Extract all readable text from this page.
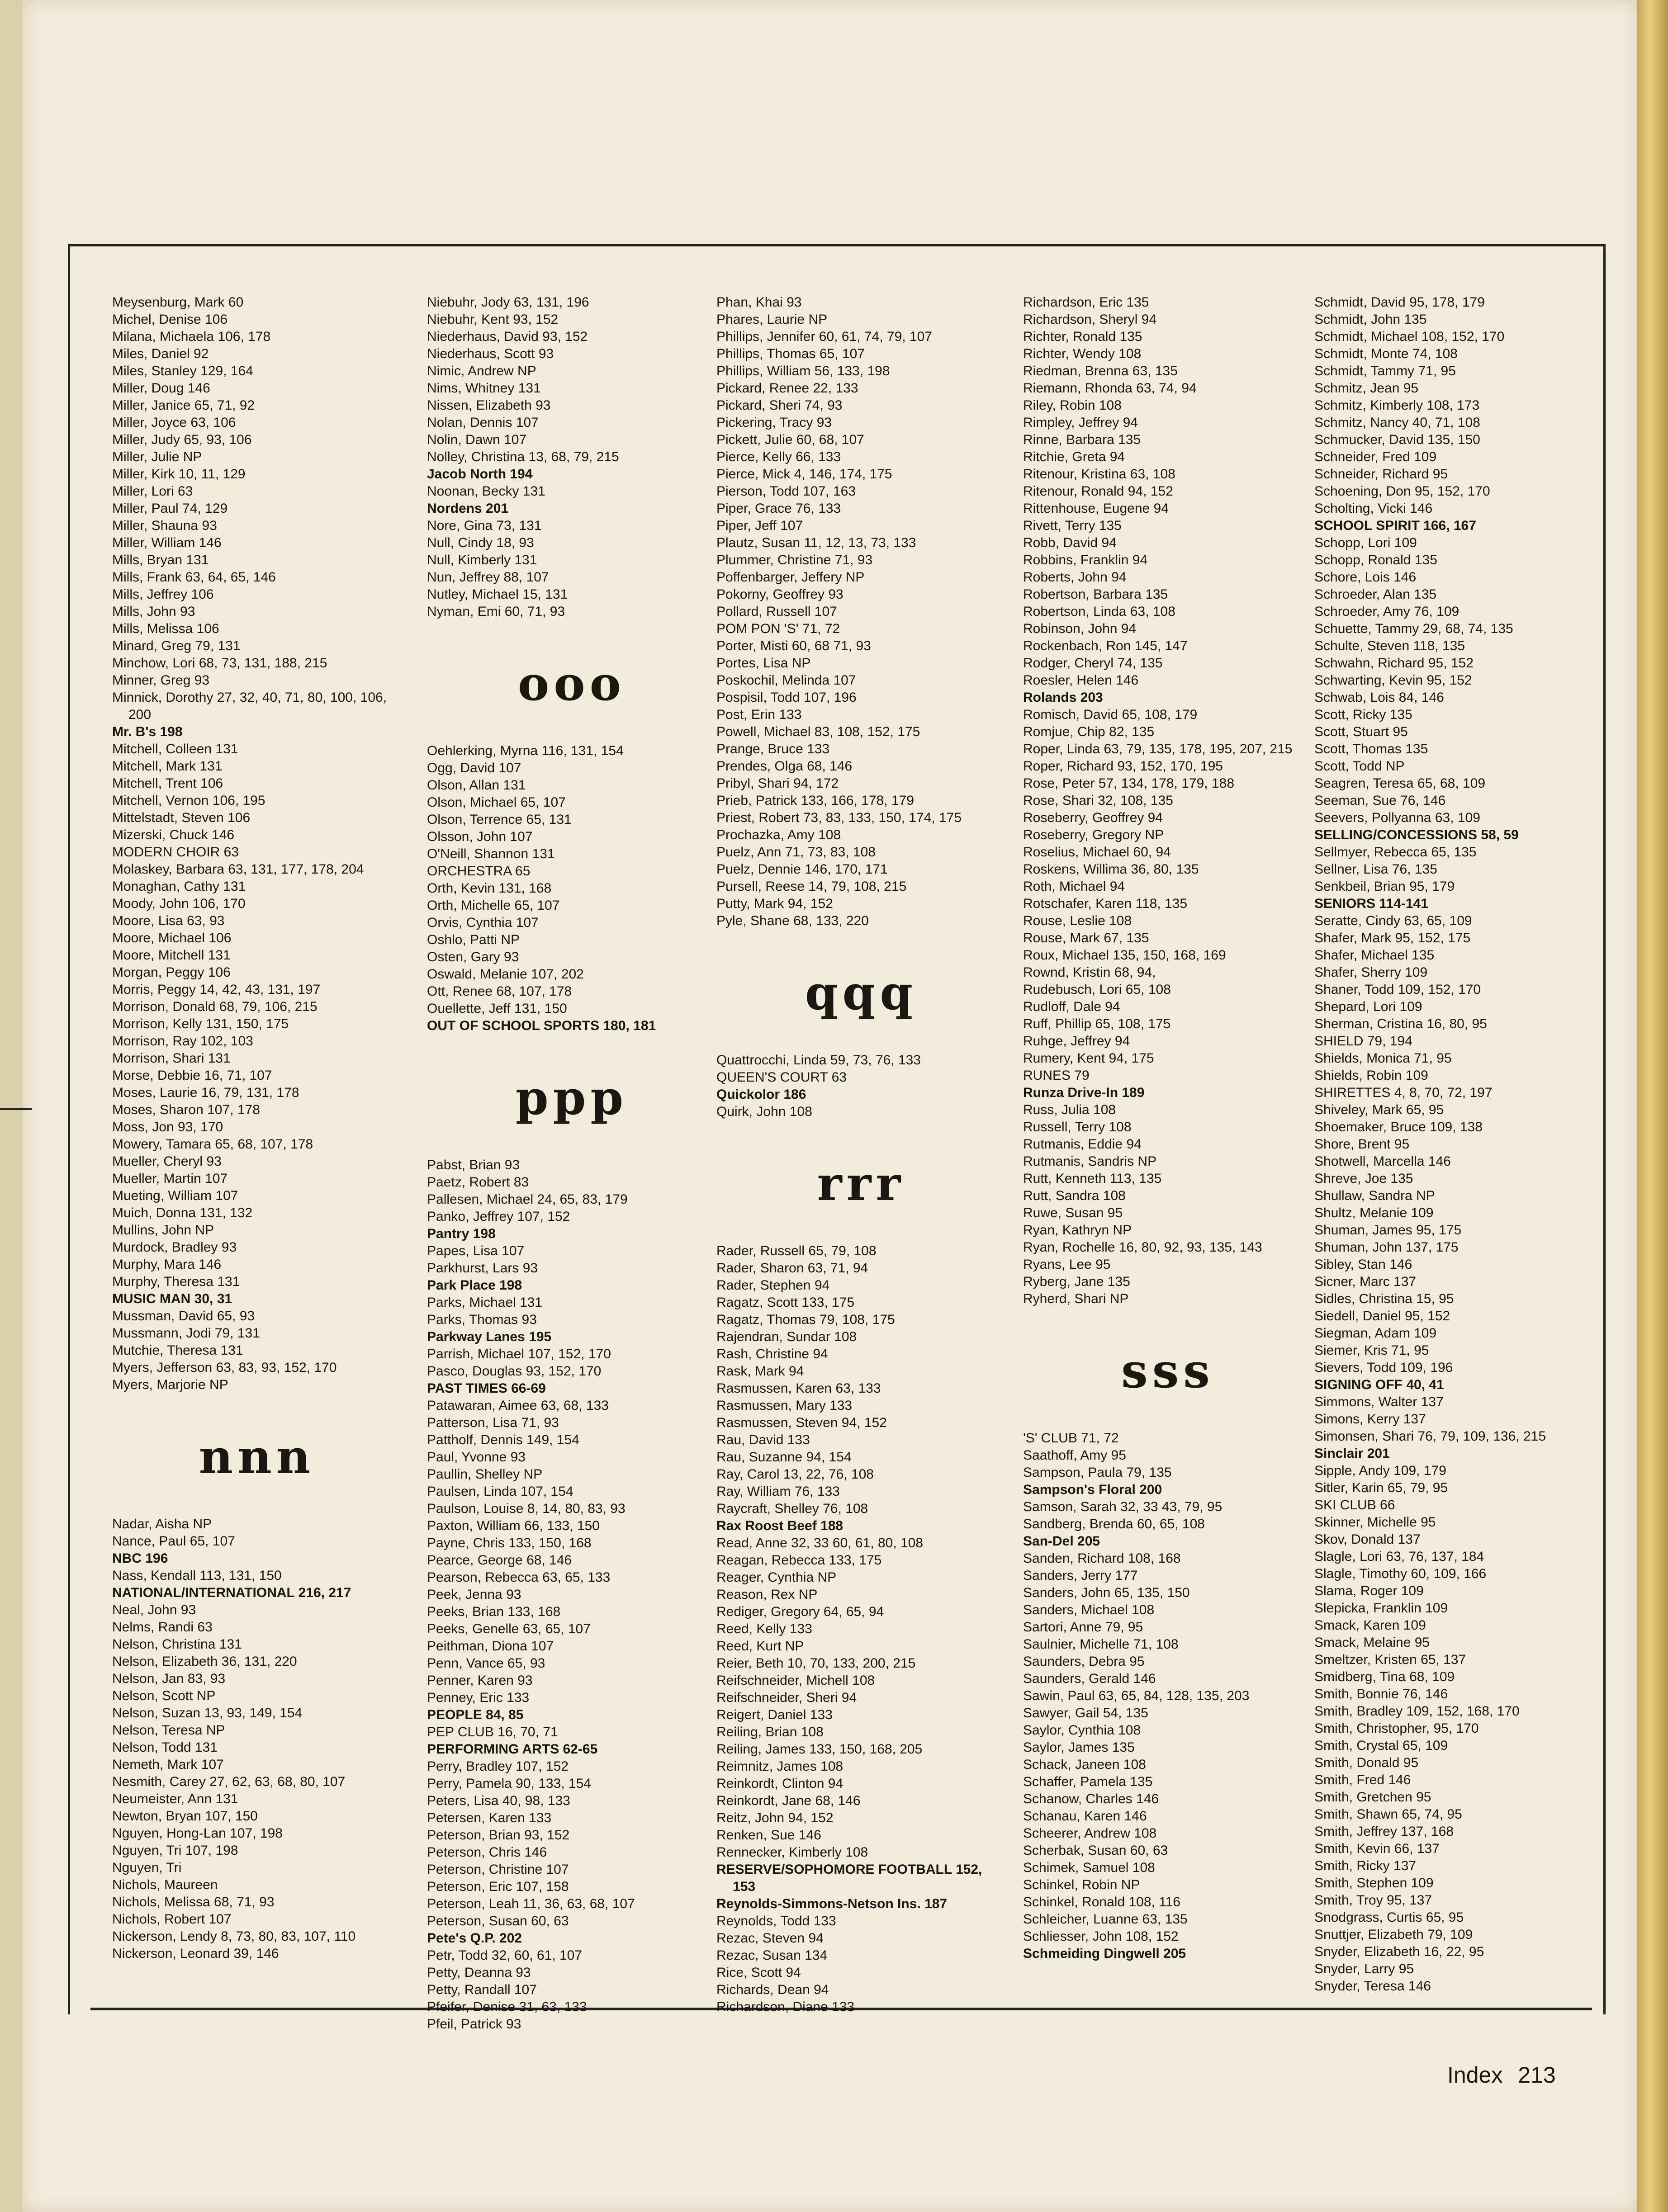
Meysenburg, Mark 60
Michel, Denise 106
Milana, Michaela 106, 178
Miles, Daniel 92
Miles, Stanley 129, 164
Miller, Doug 146
Miller, Janice 65, 71, 92
Miller, Joyce 63, 106
Miller, Judy 65, 93, 106
Miller, Julie NP
Miller, Kirk 10, 11, 129
Miller, Lori 63
Miller, Paul 74, 129
Miller, Shauna 93
Miller, William 146
Mills, Bryan 131
Mills, Frank 63, 64, 65, 146
Mills, Jeffrey 106
Mills, John 93
Mills, Melissa 106
Minard, Greg 79, 131
Minchow, Lori 68, 73, 131, 188, 215
Minner, Greg 93
Minnick, Dorothy 27, 32, 40, 71, 80, 100, 106, 200
Mr. B's 198
Mitchell, Colleen 131
Mitchell, Mark 131
Mitchell, Trent 106
Mitchell, Vernon 106, 195
Mittelstadt, Steven 106
Mizerski, Chuck 146
MODERN CHOIR 63
Molaskey, Barbara 63, 131, 177, 178, 204
Monaghan, Cathy 131
Moody, John 106, 170
Moore, Lisa 63, 93
Moore, Michael 106
Moore, Mitchell 131
Morgan, Peggy 106
Morris, Peggy 14, 42, 43, 131, 197
Morrison, Donald 68, 79, 106, 215
Morrison, Kelly 131, 150, 175
Morrison, Ray 102, 103
Morrison, Shari 131
Morse, Debbie 16, 71, 107
Moses, Laurie 16, 79, 131, 178
Moses, Sharon 107, 178
Moss, Jon 93, 170
Mowery, Tamara 65, 68, 107, 178
Mueller, Cheryl 93
Mueller, Martin 107
Mueting, William 107
Muich, Donna 131, 132
Mullins, John NP
Murdock, Bradley 93
Murphy, Mara 146
Murphy, Theresa 131
MUSIC MAN 30, 31
Mussman, David 65, 93
Mussmann, Jodi 79, 131
Mutchie, Theresa 131
Myers, Jefferson 63, 83, 93, 152, 170
Myers, Marjorie NP
nnn
Nadar, Aisha NP
Nance, Paul 65, 107
NBC 196
Nass, Kendall 113, 131, 150
NATIONAL/INTERNATIONAL 216, 217
Neal, John 93
Nelms, Randi 63
Nelson, Christina 131
Nelson, Elizabeth 36, 131, 220
Nelson, Jan 83, 93
Nelson, Scott NP
Nelson, Suzan 13, 93, 149, 154
Nelson, Teresa NP
Nelson, Todd 131
Nemeth, Mark 107
Nesmith, Carey 27, 62, 63, 68, 80, 107
Neumeister, Ann 131
Newton, Bryan 107, 150
Nguyen, Hong-Lan 107, 198
Nguyen, Tri 107, 198
Nguyen, Tri
Nichols, Maureen
Nichols, Melissa 68, 71, 93
Nichols, Robert 107
Nickerson, Lendy 8, 73, 80, 83, 107, 110
Nickerson, Leonard 39, 146
Niebuhr, Jody 63, 131, 196
Niebuhr, Kent 93, 152
Niederhaus, David 93, 152
Niederhaus, Scott 93
Nimic, Andrew NP
Nims, Whitney 131
Nissen, Elizabeth 93
Nolan, Dennis 107
Nolin, Dawn 107
Nolley, Christina 13, 68, 79, 215
Jacob North 194
Noonan, Becky 131
Nordens 201
Nore, Gina 73, 131
Null, Cindy 18, 93
Null, Kimberly 131
Nun, Jeffrey 88, 107
Nutley, Michael 15, 131
Nyman, Emi 60, 71, 93
ooo
Oehlerking, Myrna 116, 131, 154
Ogg, David 107
Olson, Allan 131
Olson, Michael 65, 107
Olson, Terrence 65, 131
Olsson, John 107
O'Neill, Shannon 131
ORCHESTRA 65
Orth, Kevin 131, 168
Orth, Michelle 65, 107
Orvis, Cynthia 107
Oshlo, Patti NP
Osten, Gary 93
Oswald, Melanie 107, 202
Ott, Renee 68, 107, 178
Ouellette, Jeff 131, 150
OUT OF SCHOOL SPORTS 180, 181
ppp
Pabst, Brian 93
Paetz, Robert 83
Pallesen, Michael 24, 65, 83, 179
Panko, Jeffrey 107, 152
Pantry 198
Papes, Lisa 107
Parkhurst, Lars 93
Park Place 198
Parks, Michael 131
Parks, Thomas 93
Parkway Lanes 195
Parrish, Michael 107, 152, 170
Pasco, Douglas 93, 152, 170
PAST TIMES 66-69
Patawaran, Aimee 63, 68, 133
Patterson, Lisa 71, 93
Pattholf, Dennis 149, 154
Paul, Yvonne 93
Paullin, Shelley NP
Paulsen, Linda 107, 154
Paulson, Louise 8, 14, 80, 83, 93
Paxton, William 66, 133, 150
Payne, Chris 133, 150, 168
Pearce, George 68, 146
Pearson, Rebecca 63, 65, 133
Peek, Jenna 93
Peeks, Brian 133, 168
Peeks, Genelle 63, 65, 107
Peithman, Diona 107
Penn, Vance 65, 93
Penner, Karen 93
Penney, Eric 133
PEOPLE 84, 85
PEP CLUB 16, 70, 71
PERFORMING ARTS 62-65
Perry, Bradley 107, 152
Perry, Pamela 90, 133, 154
Peters, Lisa 40, 98, 133
Petersen, Karen 133
Peterson, Brian 93, 152
Peterson, Chris 146
Peterson, Christine 107
Peterson, Eric 107, 158
Peterson, Leah 11, 36, 63, 68, 107
Peterson, Susan 60, 63
Pete's Q.P. 202
Petr, Todd 32, 60, 61, 107
Petty, Deanna 93
Petty, Randall 107
Pfeifer, Denise 31, 63, 133
Pfeil, Patrick 93
Phan, Khai 93
Phares, Laurie NP
Phillips, Jennifer 60, 61, 74, 79, 107
Phillips, Thomas 65, 107
Phillips, William 56, 133, 198
Pickard, Renee 22, 133
Pickard, Sheri 74, 93
Pickering, Tracy 93
Pickett, Julie 60, 68, 107
Pierce, Kelly 66, 133
Pierce, Mick 4, 146, 174, 175
Pierson, Todd 107, 163
Piper, Grace 76, 133
Piper, Jeff 107
Plautz, Susan 11, 12, 13, 73, 133
Plummer, Christine 71, 93
Poffenbarger, Jeffery NP
Pokorny, Geoffrey 93
Pollard, Russell 107
POM PON 'S' 71, 72
Porter, Misti 60, 68 71, 93
Portes, Lisa NP
Poskochil, Melinda 107
Pospisil, Todd 107, 196
Post, Erin 133
Powell, Michael 83, 108, 152, 175
Prange, Bruce 133
Prendes, Olga 68, 146
Pribyl, Shari 94, 172
Prieb, Patrick 133, 166, 178, 179
Priest, Robert 73, 83, 133, 150, 174, 175
Prochazka, Amy 108
Puelz, Ann 71, 73, 83, 108
Puelz, Dennie 146, 170, 171
Pursell, Reese 14, 79, 108, 215
Putty, Mark 94, 152
Pyle, Shane 68, 133, 220
qqq
Quattrocchi, Linda 59, 73, 76, 133
QUEEN'S COURT 63
Quickolor 186
Quirk, John 108
rrr
Rader, Russell 65, 79, 108
Rader, Sharon 63, 71, 94
Rader, Stephen 94
Ragatz, Scott 133, 175
Ragatz, Thomas 79, 108, 175
Rajendran, Sundar 108
Rash, Christine 94
Rask, Mark 94
Rasmussen, Karen 63, 133
Rasmussen, Mary 133
Rasmussen, Steven 94, 152
Rau, David 133
Rau, Suzanne 94, 154
Ray, Carol 13, 22, 76, 108
Ray, William 76, 133
Raycraft, Shelley 76, 108
Rax Roost Beef 188
Read, Anne 32, 33 60, 61, 80, 108
Reagan, Rebecca 133, 175
Reager, Cynthia NP
Reason, Rex NP
Rediger, Gregory 64, 65, 94
Reed, Kelly 133
Reed, Kurt NP
Reier, Beth 10, 70, 133, 200, 215
Reifschneider, Michell 108
Reifschneider, Sheri 94
Reigert, Daniel 133
Reiling, Brian 108
Reiling, James 133, 150, 168, 205
Reimnitz, James 108
Reinkordt, Clinton 94
Reinkordt, Jane 68, 146
Reitz, John 94, 152
Renken, Sue 146
Rennecker, Kimberly 108
RESERVE/SOPHOMORE FOOTBALL 152, 153
Reynolds-Simmons-Netson Ins. 187
Reynolds, Todd 133
Rezac, Steven 94
Rezac, Susan 134
Rice, Scott 94
Richards, Dean 94
Richardson, Diane 133
Richardson, Eric 135
Richardson, Sheryl 94
Richter, Ronald 135
Richter, Wendy 108
Riedman, Brenna 63, 135
Riemann, Rhonda 63, 74, 94
Riley, Robin 108
Rimpley, Jeffrey 94
Rinne, Barbara 135
Ritchie, Greta 94
Ritenour, Kristina 63, 108
Ritenour, Ronald 94, 152
Rittenhouse, Eugene 94
Rivett, Terry 135
Robb, David 94
Robbins, Franklin 94
Roberts, John 94
Robertson, Barbara 135
Robertson, Linda 63, 108
Robinson, John 94
Rockenbach, Ron 145, 147
Rodger, Cheryl 74, 135
Roesler, Helen 146
Rolands 203
Romisch, David 65, 108, 179
Romjue, Chip 82, 135
Roper, Linda 63, 79, 135, 178, 195, 207, 215
Roper, Richard 93, 152, 170, 195
Rose, Peter 57, 134, 178, 179, 188
Rose, Shari 32, 108, 135
Roseberry, Geoffrey 94
Roseberry, Gregory NP
Roselius, Michael 60, 94
Roskens, Willima 36, 80, 135
Roth, Michael 94
Rotschafer, Karen 118, 135
Rouse, Leslie 108
Rouse, Mark 67, 135
Roux, Michael 135, 150, 168, 169
Rownd, Kristin 68, 94,
Rudebusch, Lori 65, 108
Rudloff, Dale 94
Ruff, Phillip 65, 108, 175
Ruhge, Jeffrey 94
Rumery, Kent 94, 175
RUNES 79
Runza Drive-In 189
Russ, Julia 108
Russell, Terry 108
Rutmanis, Eddie 94
Rutmanis, Sandris NP
Rutt, Kenneth 113, 135
Rutt, Sandra 108
Ruwe, Susan 95
Ryan, Kathryn NP
Ryan, Rochelle 16, 80, 92, 93, 135, 143
Ryans, Lee 95
Ryberg, Jane 135
Ryherd, Shari NP
sss
'S' CLUB 71, 72
Saathoff, Amy 95
Sampson, Paula 79, 135
Sampson's Floral 200
Samson, Sarah 32, 33 43, 79, 95
Sandberg, Brenda 60, 65, 108
San-Del 205
Sanden, Richard 108, 168
Sanders, Jerry 177
Sanders, John 65, 135, 150
Sanders, Michael 108
Sartori, Anne 79, 95
Saulnier, Michelle 71, 108
Saunders, Debra 95
Saunders, Gerald 146
Sawin, Paul 63, 65, 84, 128, 135, 203
Sawyer, Gail 54, 135
Saylor, Cynthia 108
Saylor, James 135
Schack, Janeen 108
Schaffer, Pamela 135
Schanow, Charles 146
Schanau, Karen 146
Scheerer, Andrew 108
Scherbak, Susan 60, 63
Schimek, Samuel 108
Schinkel, Robin NP
Schinkel, Ronald 108, 116
Schleicher, Luanne 63, 135
Schliesser, John 108, 152
Schmeiding Dingwell 205
Schmidt, David 95, 178, 179
Schmidt, John 135
Schmidt, Michael 108, 152, 170
Schmidt, Monte 74, 108
Schmidt, Tammy 71, 95
Schmitz, Jean 95
Schmitz, Kimberly 108, 173
Schmitz, Nancy 40, 71, 108
Schmucker, David 135, 150
Schneider, Fred 109
Schneider, Richard 95
Schoening, Don 95, 152, 170
Scholting, Vicki 146
SCHOOL SPIRIT 166, 167
Schopp, Lori 109
Schopp, Ronald 135
Schore, Lois 146
Schroeder, Alan 135
Schroeder, Amy 76, 109
Schuette, Tammy 29, 68, 74, 135
Schulte, Steven 118, 135
Schwahn, Richard 95, 152
Schwarting, Kevin 95, 152
Schwab, Lois 84, 146
Scott, Ricky 135
Scott, Stuart 95
Scott, Thomas 135
Scott, Todd NP
Seagren, Teresa 65, 68, 109
Seeman, Sue 76, 146
Seevers, Pollyanna 63, 109
SELLING/CONCESSIONS 58, 59
Sellmyer, Rebecca 65, 135
Sellner, Lisa 76, 135
Senkbeil, Brian 95, 179
SENIORS 114-141
Seratte, Cindy 63, 65, 109
Shafer, Mark 95, 152, 175
Shafer, Michael 135
Shafer, Sherry 109
Shaner, Todd 109, 152, 170
Shepard, Lori 109
Sherman, Cristina 16, 80, 95
SHIELD 79, 194
Shields, Monica 71, 95
Shields, Robin 109
SHIRETTES 4, 8, 70, 72, 197
Shiveley, Mark 65, 95
Shoemaker, Bruce 109, 138
Shore, Brent 95
Shotwell, Marcella 146
Shreve, Joe 135
Shullaw, Sandra NP
Shultz, Melanie 109
Shuman, James 95, 175
Shuman, John 137, 175
Sibley, Stan 146
Sicner, Marc 137
Sidles, Christina 15, 95
Siedell, Daniel 95, 152
Siegman, Adam 109
Siemer, Kris 71, 95
Sievers, Todd 109, 196
SIGNING OFF 40, 41
Simmons, Walter 137
Simons, Kerry 137
Simonsen, Shari 76, 79, 109, 136, 215
Sinclair 201
Sipple, Andy 109, 179
Sitler, Karin 65, 79, 95
SKI CLUB 66
Skinner, Michelle 95
Skov, Donald 137
Slagle, Lori 63, 76, 137, 184
Slagle, Timothy 60, 109, 166
Slama, Roger 109
Slepicka, Franklin 109
Smack, Karen 109
Smack, Melaine 95
Smeltzer, Kristen 65, 137
Smidberg, Tina 68, 109
Smith, Bonnie 76, 146
Smith, Bradley 109, 152, 168, 170
Smith, Christopher, 95, 170
Smith, Crystal 65, 109
Smith, Donald 95
Smith, Fred 146
Smith, Gretchen 95
Smith, Shawn 65, 74, 95
Smith, Jeffrey 137, 168
Smith, Kevin 66, 137
Smith, Ricky 137
Smith, Stephen 109
Smith, Troy 95, 137
Snodgrass, Curtis 65, 95
Snuttjer, Elizabeth 79, 109
Snyder, Elizabeth 16, 22, 95
Snyder, Larry 95
Snyder, Teresa 146
Index 213
